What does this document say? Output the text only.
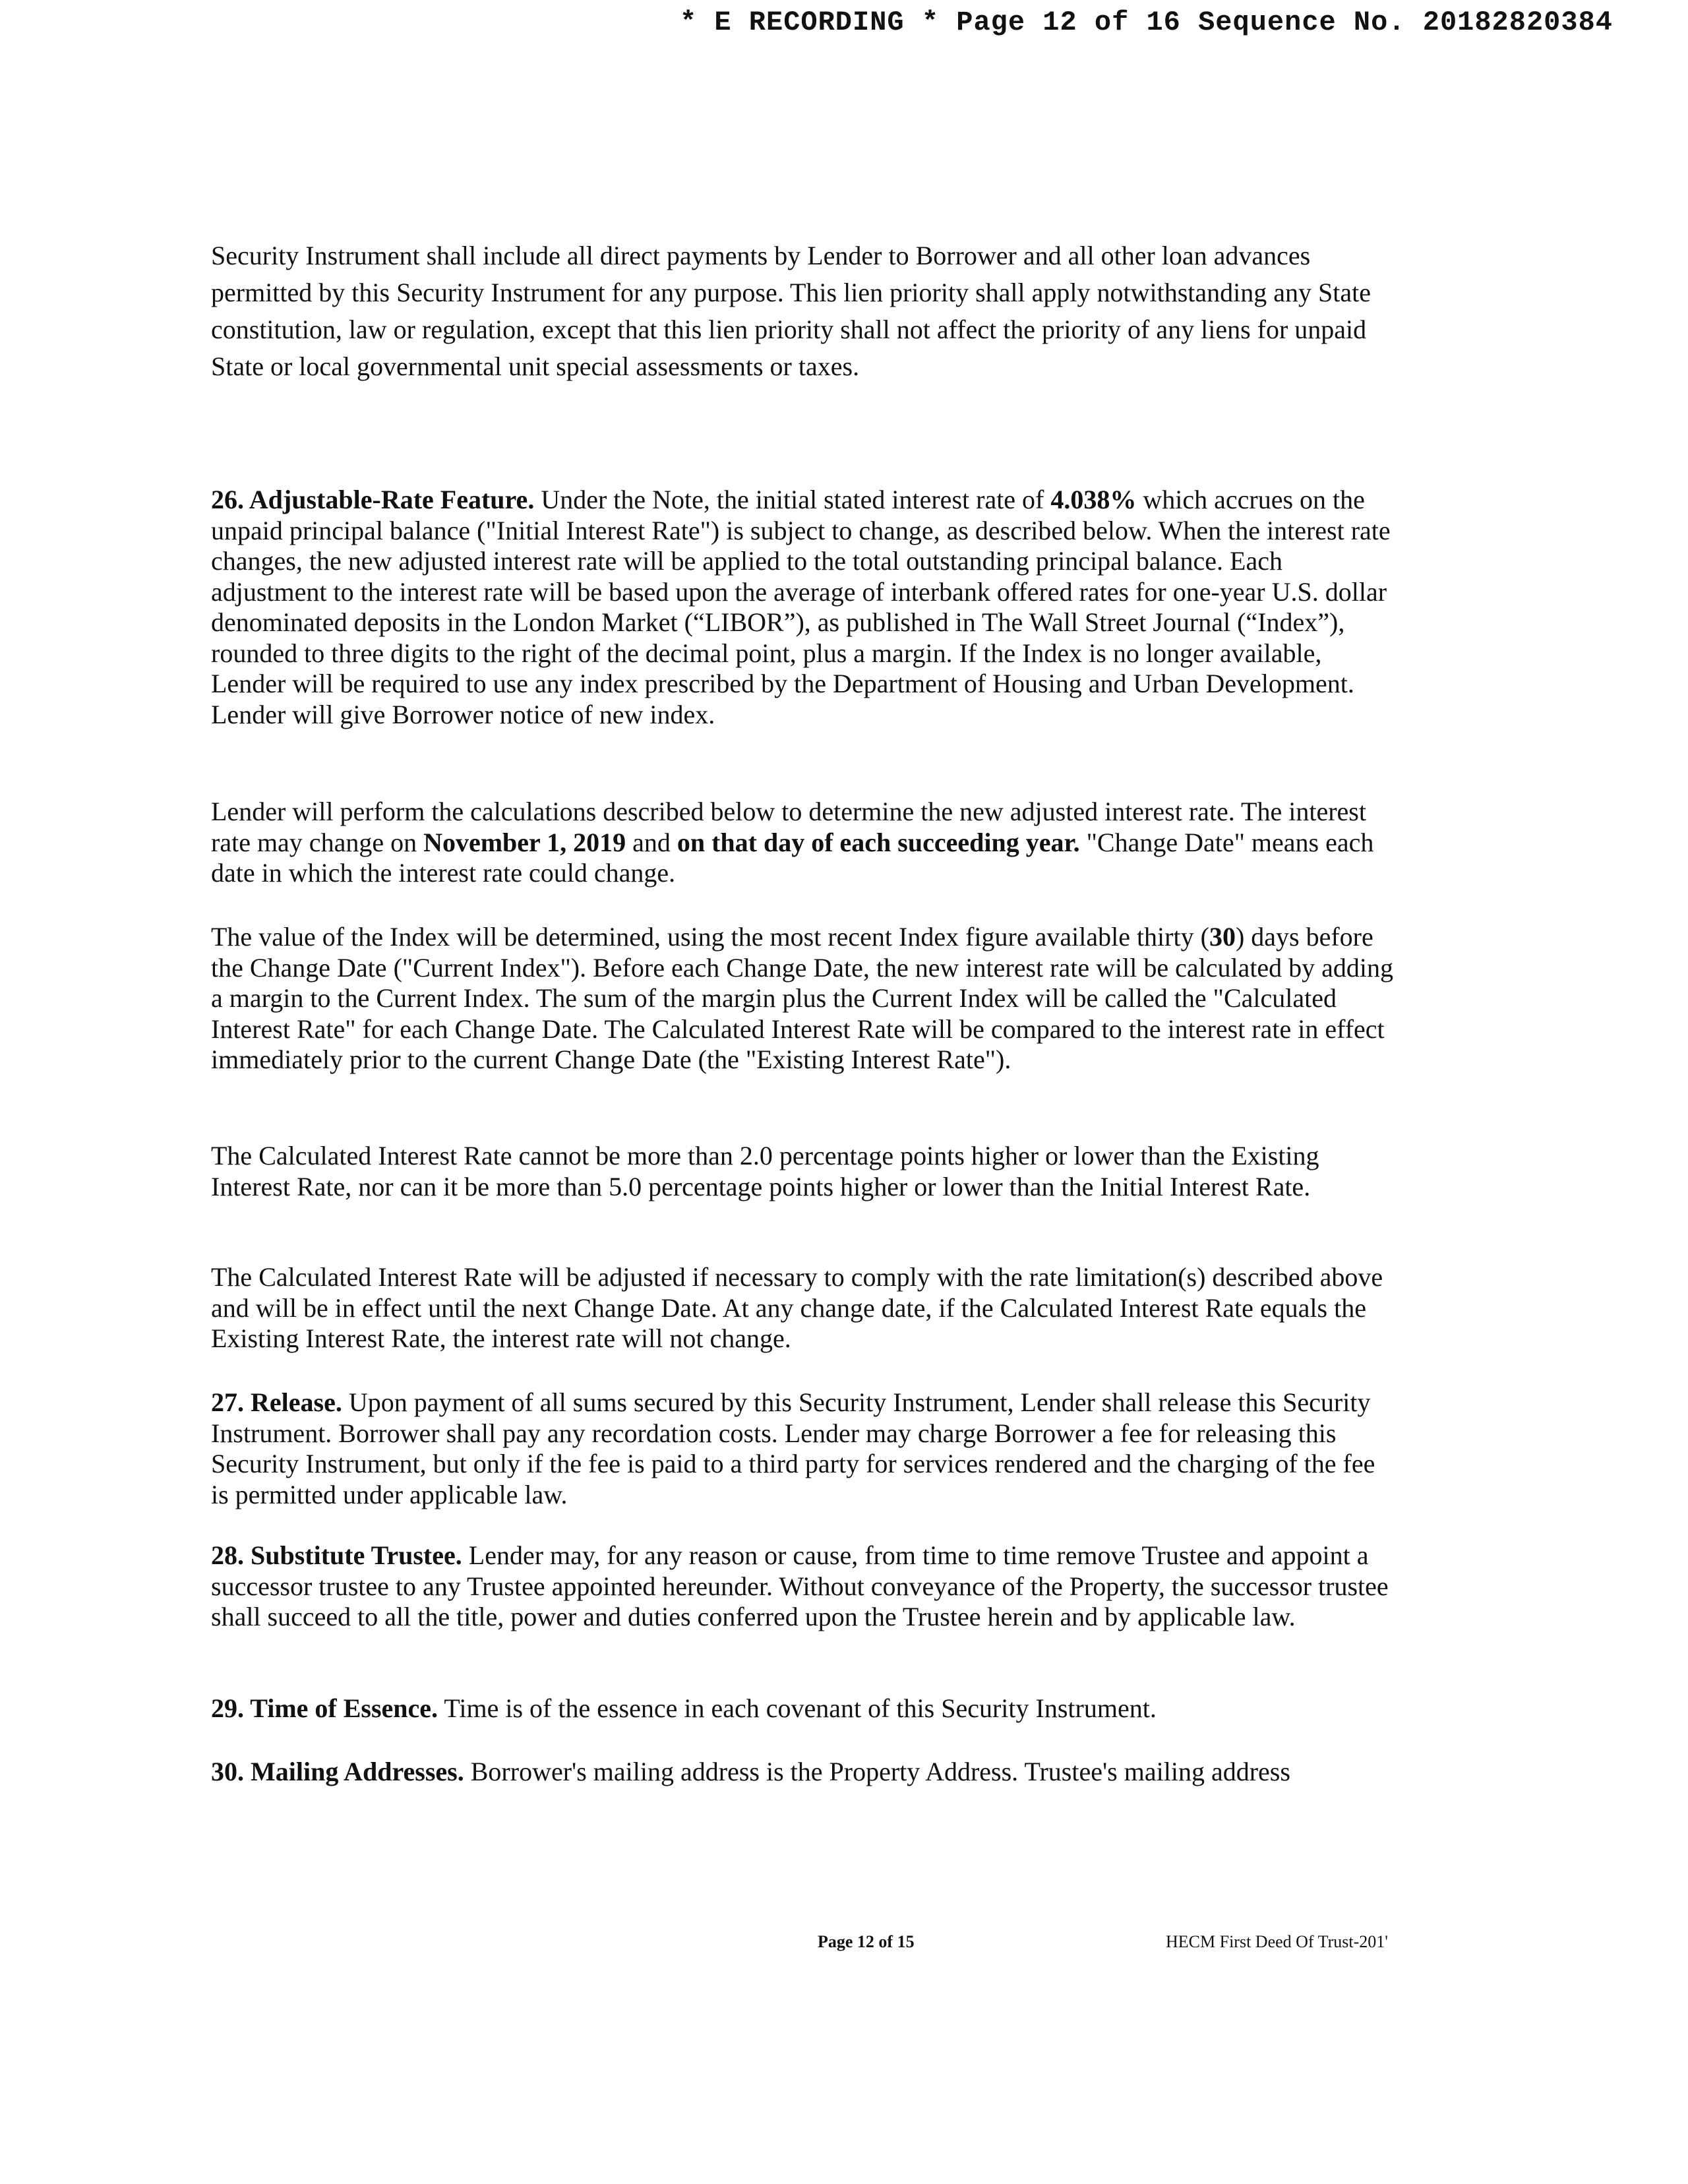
* E RECORDING * Page 12 of 16 Sequence No. 20182820384

Security Instrument shall include all direct payments by Lender to Borrower and all other loan advances permitted by this Security Instrument for any purpose. This lien priority shall apply notwithstanding any State constitution, law or regulation, except that this lien priority shall not affect the priority of any liens for unpaid State or local governmental unit special assessments or taxes.

26. Adjustable-Rate Feature. Under the Note, the initial stated interest rate of 4.038% which accrues on the unpaid principal balance ("Initial Interest Rate") is subject to change, as described below. When the interest rate changes, the new adjusted interest rate will be applied to the total outstanding principal balance. Each adjustment to the interest rate will be based upon the average of interbank offered rates for one-year U.S. dollar denominated deposits in the London Market (“LIBOR”), as published in The Wall Street Journal (“Index”), rounded to three digits to the right of the decimal point, plus a margin. If the Index is no longer available, Lender will be required to use any index prescribed by the Department of Housing and Urban Development. Lender will give Borrower notice of new index.

Lender will perform the calculations described below to determine the new adjusted interest rate. The interest rate may change on November 1, 2019 and on that day of each succeeding year. "Change Date" means each date in which the interest rate could change.

The value of the Index will be determined, using the most recent Index figure available thirty (30) days before the Change Date ("Current Index"). Before each Change Date, the new interest rate will be calculated by adding a margin to the Current Index. The sum of the margin plus the Current Index will be called the "Calculated Interest Rate" for each Change Date. The Calculated Interest Rate will be compared to the interest rate in effect immediately prior to the current Change Date (the "Existing Interest Rate").

The Calculated Interest Rate cannot be more than 2.0 percentage points higher or lower than the Existing Interest Rate, nor can it be more than 5.0 percentage points higher or lower than the Initial Interest Rate.

The Calculated Interest Rate will be adjusted if necessary to comply with the rate limitation(s) described above and will be in effect until the next Change Date. At any change date, if the Calculated Interest Rate equals the Existing Interest Rate, the interest rate will not change.

27. Release. Upon payment of all sums secured by this Security Instrument, Lender shall release this Security Instrument. Borrower shall pay any recordation costs. Lender may charge Borrower a fee for releasing this Security Instrument, but only if the fee is paid to a third party for services rendered and the charging of the fee is permitted under applicable law.

28. Substitute Trustee. Lender may, for any reason or cause, from time to time remove Trustee and appoint a successor trustee to any Trustee appointed hereunder. Without conveyance of the Property, the successor trustee shall succeed to all the title, power and duties conferred upon the Trustee herein and by applicable law.

29. Time of Essence. Time is of the essence in each covenant of this Security Instrument.

30. Mailing Addresses. Borrower's mailing address is the Property Address. Trustee's mailing address

Page 12 of 15	HECM First Deed Of Trust-201'
